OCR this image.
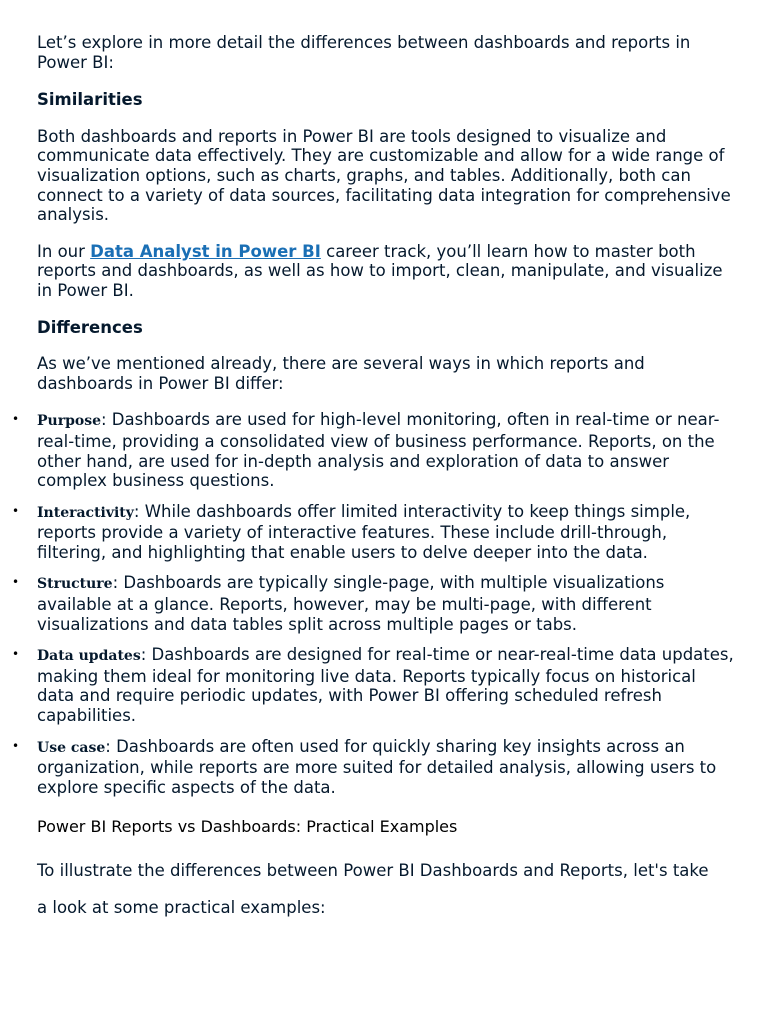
Let’s explore in more detail the differences between dashboards and reports in Power BI:

Similarities

Both dashboards and reports in Power BI are tools designed to visualize and communicate data effectively. They are customizable and allow for a wide range of visualization options, such as charts, graphs, and tables. Additionally, both can connect to a variety of data sources, facilitating data integration for comprehensive analysis.

In our Data Analyst in Power BI career track, you’ll learn how to master both reports and dashboards, as well as how to import, clean, manipulate, and visualize in Power BI.

Differences

As we’ve mentioned already, there are several ways in which reports and dashboards in Power BI differ:

• Purpose: Dashboards are used for high-level monitoring, often in real-time or near-real-time, providing a consolidated view of business performance. Reports, on the other hand, are used for in-depth analysis and exploration of data to answer complex business questions.
• Interactivity: While dashboards offer limited interactivity to keep things simple, reports provide a variety of interactive features. These include drill-through, filtering, and highlighting that enable users to delve deeper into the data.
• Structure: Dashboards are typically single-page, with multiple visualizations available at a glance. Reports, however, may be multi-page, with different visualizations and data tables split across multiple pages or tabs.
• Data updates: Dashboards are designed for real-time or near-real-time data updates, making them ideal for monitoring live data. Reports typically focus on historical data and require periodic updates, with Power BI offering scheduled refresh capabilities.
• Use case: Dashboards are often used for quickly sharing key insights across an organization, while reports are more suited for detailed analysis, allowing users to explore specific aspects of the data.

Power BI Reports vs Dashboards: Practical Examples

To illustrate the differences between Power BI Dashboards and Reports, let's take

a look at some practical examples:
